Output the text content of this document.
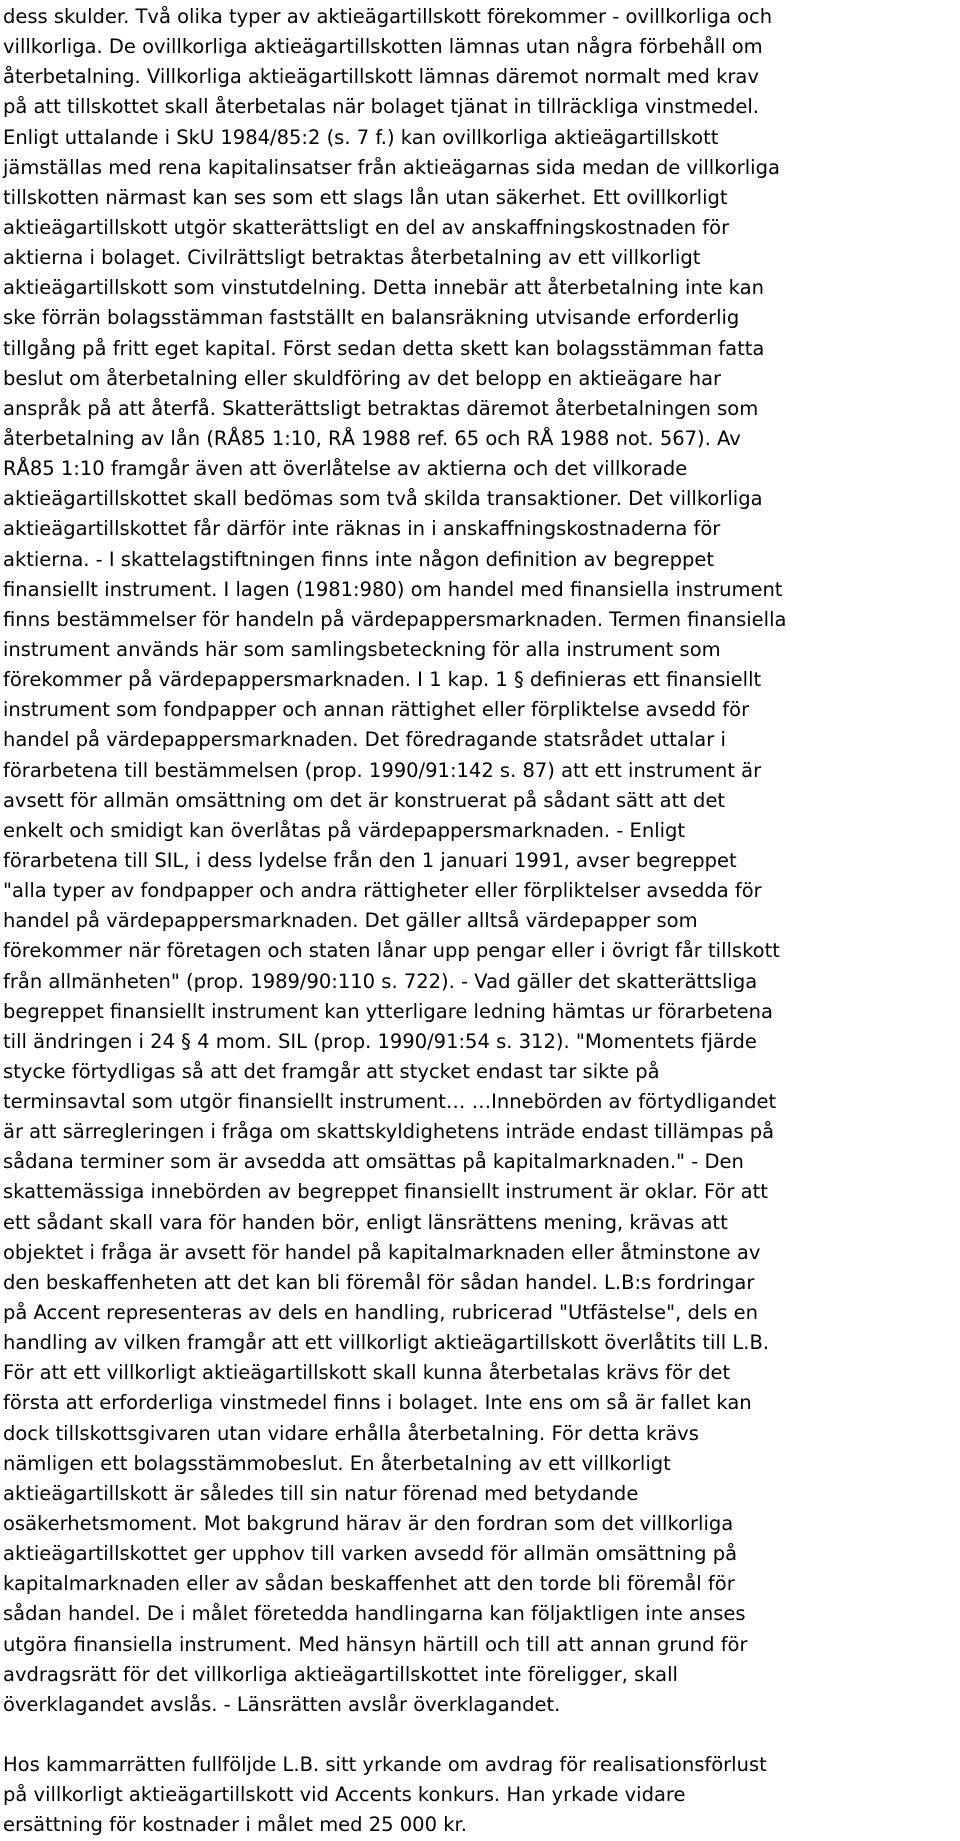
dess skulder. Två olika typer av aktieägartillskott förekommer - ovillkorliga och
villkorliga. De ovillkorliga aktieägartillskotten lämnas utan några förbehåll om
återbetalning. Villkorliga aktieägartillskott lämnas däremot normalt med krav
på att tillskottet skall återbetalas när bolaget tjänat in tillräckliga vinstmedel.
Enligt uttalande i SkU 1984/85:2 (s. 7 f.) kan ovillkorliga aktieägartillskott
jämställas med rena kapitalinsatser från aktieägarnas sida medan de villkorliga
tillskotten närmast kan ses som ett slags lån utan säkerhet. Ett ovillkorligt
aktieägartillskott utgör skatterättsligt en del av anskaffningskostnaden för
aktierna i bolaget. Civilrättsligt betraktas återbetalning av ett villkorligt
aktieägartillskott som vinstutdelning. Detta innebär att återbetalning inte kan
ske förrän bolagsstämman fastställt en balansräkning utvisande erforderlig
tillgång på fritt eget kapital. Först sedan detta skett kan bolagsstämman fatta
beslut om återbetalning eller skuldföring av det belopp en aktieägare har
anspråk på att återfå. Skatterättsligt betraktas däremot återbetalningen som
återbetalning av lån (RÅ85 1:10, RÅ 1988 ref. 65 och RÅ 1988 not. 567). Av
RÅ85 1:10 framgår även att överlåtelse av aktierna och det villkorade
aktieägartillskottet skall bedömas som två skilda transaktioner. Det villkorliga
aktieägartillskottet får därför inte räknas in i anskaffningskostnaderna för
aktierna. - I skattelagstiftningen finns inte någon definition av begreppet
finansiellt instrument. I lagen (1981:980) om handel med finansiella instrument
finns bestämmelser för handeln på värdepappersmarknaden. Termen finansiella
instrument används här som samlingsbeteckning för alla instrument som
förekommer på värdepappersmarknaden. I 1 kap. 1 § definieras ett finansiellt
instrument som fondpapper och annan rättighet eller förpliktelse avsedd för
handel på värdepappersmarknaden. Det föredragande statsrådet uttalar i
förarbetena till bestämmelsen (prop. 1990/91:142 s. 87) att ett instrument är
avsett för allmän omsättning om det är konstruerat på sådant sätt att det
enkelt och smidigt kan överlåtas på värdepappersmarknaden. - Enligt
förarbetena till SIL, i dess lydelse från den 1 januari 1991, avser begreppet
"alla typer av fondpapper och andra rättigheter eller förpliktelser avsedda för
handel på värdepappersmarknaden. Det gäller alltså värdepapper som
förekommer när företagen och staten lånar upp pengar eller i övrigt får tillskott
från allmänheten" (prop. 1989/90:110 s. 722). - Vad gäller det skatterättsliga
begreppet finansiellt instrument kan ytterligare ledning hämtas ur förarbetena
till ändringen i 24 § 4 mom. SIL (prop. 1990/91:54 s. 312). "Momentets fjärde
stycke förtydligas så att det framgår att stycket endast tar sikte på
terminsavtal som utgör finansiellt instrument… …Innebörden av förtydligandet
är att särregleringen i fråga om skattskyldighetens inträde endast tillämpas på
sådana terminer som är avsedda att omsättas på kapitalmarknaden." - Den
skattemässiga innebörden av begreppet finansiellt instrument är oklar. För att
ett sådant skall vara för handen bör, enligt länsrättens mening, krävas att
objektet i fråga är avsett för handel på kapitalmarknaden eller åtminstone av
den beskaffenheten att det kan bli föremål för sådan handel. L.B:s fordringar
på Accent representeras av dels en handling, rubricerad "Utfästelse", dels en
handling av vilken framgår att ett villkorligt aktieägartillskott överlåtits till L.B.
För att ett villkorligt aktieägartillskott skall kunna återbetalas krävs för det
första att erforderliga vinstmedel finns i bolaget. Inte ens om så är fallet kan
dock tillskottsgivaren utan vidare erhålla återbetalning. För detta krävs
nämligen ett bolagsstämmobeslut. En återbetalning av ett villkorligt
aktieägartillskott är således till sin natur förenad med betydande
osäkerhetsmoment. Mot bakgrund härav är den fordran som det villkorliga
aktieägartillskottet ger upphov till varken avsedd för allmän omsättning på
kapitalmarknaden eller av sådan beskaffenhet att den torde bli föremål för
sådan handel. De i målet företedda handlingarna kan följaktligen inte anses
utgöra finansiella instrument. Med hänsyn härtill och till att annan grund för
avdragsrätt för det villkorliga aktieägartillskottet inte föreligger, skall
överklagandet avslås. - Länsrätten avslår överklagandet.

Hos kammarrätten fullföljde L.B. sitt yrkande om avdrag för realisationsförlust
på villkorligt aktieägartillskott vid Accents konkurs. Han yrkade vidare
ersättning för kostnader i målet med 25 000 kr.
